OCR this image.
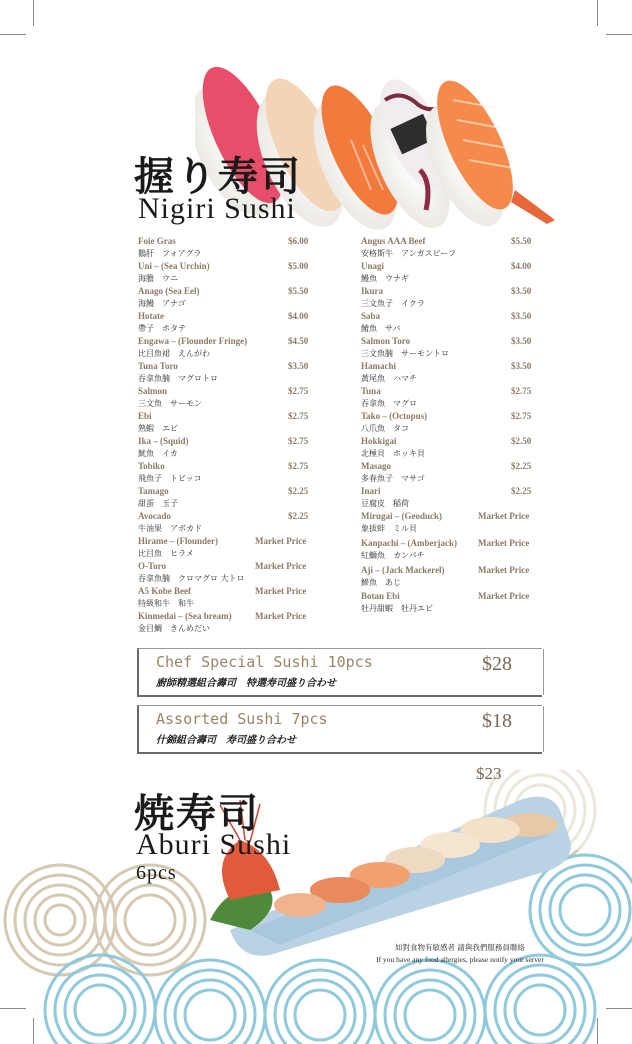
握り寿司
Nigiri Sushi
Foie Gras
鵝肝　フォアグラ
$6.00
Uni – (Sea Urchin)
海膽　ウニ
$5.00
Anago (Sea Eel)
海鰻　アナゴ
$5.50
Hotate
帶子　ホタテ
$4.00
Engawa – (Flounder Fringe)
比目魚裙　えんがわ
$4.50
Tuna Toro
吞拿魚腩　マグロトロ
$3.50
Salmon
三文魚　サーモン
$2.75
Ebi
熟蝦　エビ
$2.75
Ika – (Squid)
魷魚　イカ
$2.75
Tobiko
飛魚子　トビッコ
$2.75
Tamago
甜蛋　玉子
$2.25
Avocado
牛油果　アボカド
$2.25
Hirame – (Flounder)
比目魚　ヒラメ
Market Price
O-Toro
吞拿魚腩　クロマグロ 大トロ
Market Price
A5 Kobe Beef
特級和牛　和牛
Market Price
Kinmedai – (Sea bream)
金目鯛　きんめだい
Market Price
Angus AAA Beef
安格斯牛　アンガスビーフ
$5.50
Unagi
鰻魚　ウナギ
$4.00
Ikura
三文魚子　イクラ
$3.50
Saba
鯖魚　サバ
$3.50
Salmon Toro
三文魚腩　サーモントロ
$3.50
Hamachi
黃尾魚　ハマチ
$3.50
Tuna
吞拿魚　マグロ
$2.75
Tako – (Octopus)
八爪魚　タコ
$2.75
Hokkigai
北極貝　ホッキ貝
$2.50
Masago
多春魚子　マサゴ
$2.25
Inari
豆腐皮　稲荷
$2.25
Mirugai – (Geoduck)
象拔蚌　ミル貝
Market Price
Kanpachi – (Amberjack)
紅鰤魚　カンパチ
Market Price
Aji – (Jack Mackerel)
鰺魚　あじ
Market Price
Botan Ebi
牡丹甜蝦　牡丹エビ
Market Price
Chef Special Sushi 10pcs
廚師精選組合壽司　特選寿司盛り合わせ
$28
Assorted Sushi 7pcs
什錦組合壽司　寿司盛り合わせ
$18
焼寿司
Aburi Sushi
6pcs
$23
如對食物有敏感者 請與我們服務員聯絡
If you have any food allergies, please notify your server
